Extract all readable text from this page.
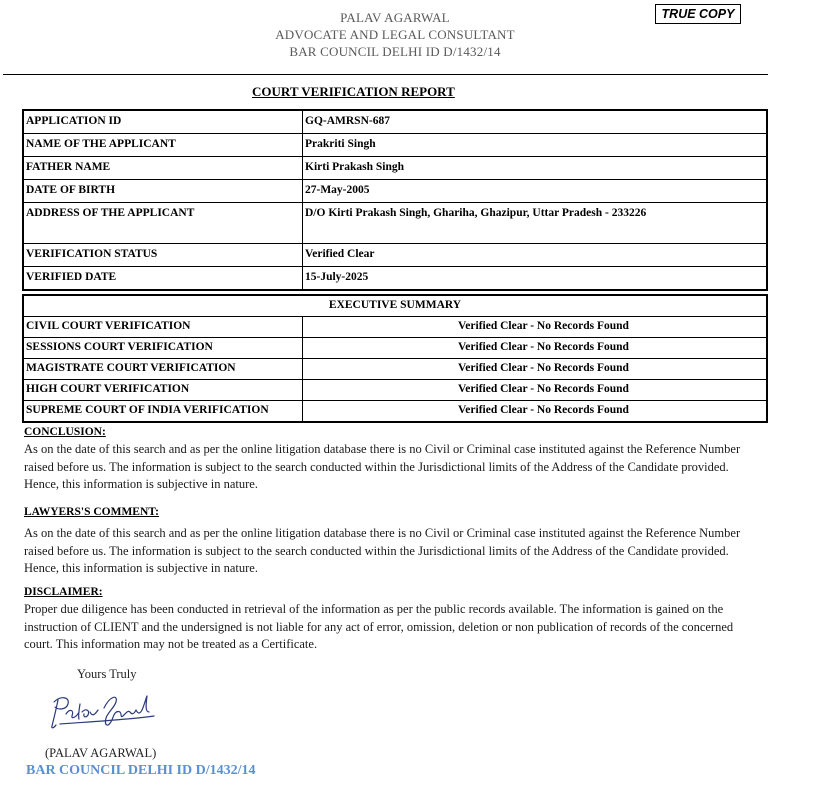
PALAV AGARWAL
ADVOCATE AND LEGAL CONSULTANT
BAR COUNCIL DELHI ID D/1432/14
TRUE COPY
COURT VERIFICATION REPORT
APPLICATION ID	GQ-AMRSN-687
NAME OF THE APPLICANT	Prakriti Singh
FATHER NAME	Kirti Prakash Singh
DATE OF BIRTH	27-May-2005
ADDRESS OF THE APPLICANT	D/O Kirti Prakash Singh, Ghariha, Ghazipur, Uttar Pradesh - 233226
VERIFICATION STATUS	Verified Clear
VERIFIED DATE	15-July-2025
EXECUTIVE SUMMARY	
CIVIL COURT VERIFICATION	Verified Clear - No Records Found
SESSIONS COURT VERIFICATION	Verified Clear - No Records Found
MAGISTRATE COURT VERIFICATION	Verified Clear - No Records Found
HIGH COURT VERIFICATION	Verified Clear - No Records Found
SUPREME COURT OF INDIA VERIFICATION	Verified Clear - No Records Found
CONCLUSION:
As on the date of this search and as per the online litigation database there is no Civil or Criminal case instituted against the Reference Number raised before us. The information is subject to the search conducted within the Jurisdictional limits of the Address of the Candidate provided. Hence, this information is subjective in nature.
LAWYERS'S COMMENT:
As on the date of this search and as per the online litigation database there is no Civil or Criminal case instituted against the Reference Number raised before us. The information is subject to the search conducted within the Jurisdictional limits of the Address of the Candidate provided. Hence, this information is subjective in nature.
DISCLAIMER:
Proper due diligence has been conducted in retrieval of the information as per the public records available. The information is gained on the instruction of CLIENT and the undersigned is not liable for any act of error, omission, deletion or non publication of records of the concerned court. This information may not be treated as a Certificate.
Yours Truly
(PALAV AGARWAL)
BAR COUNCIL DELHI ID D/1432/14
